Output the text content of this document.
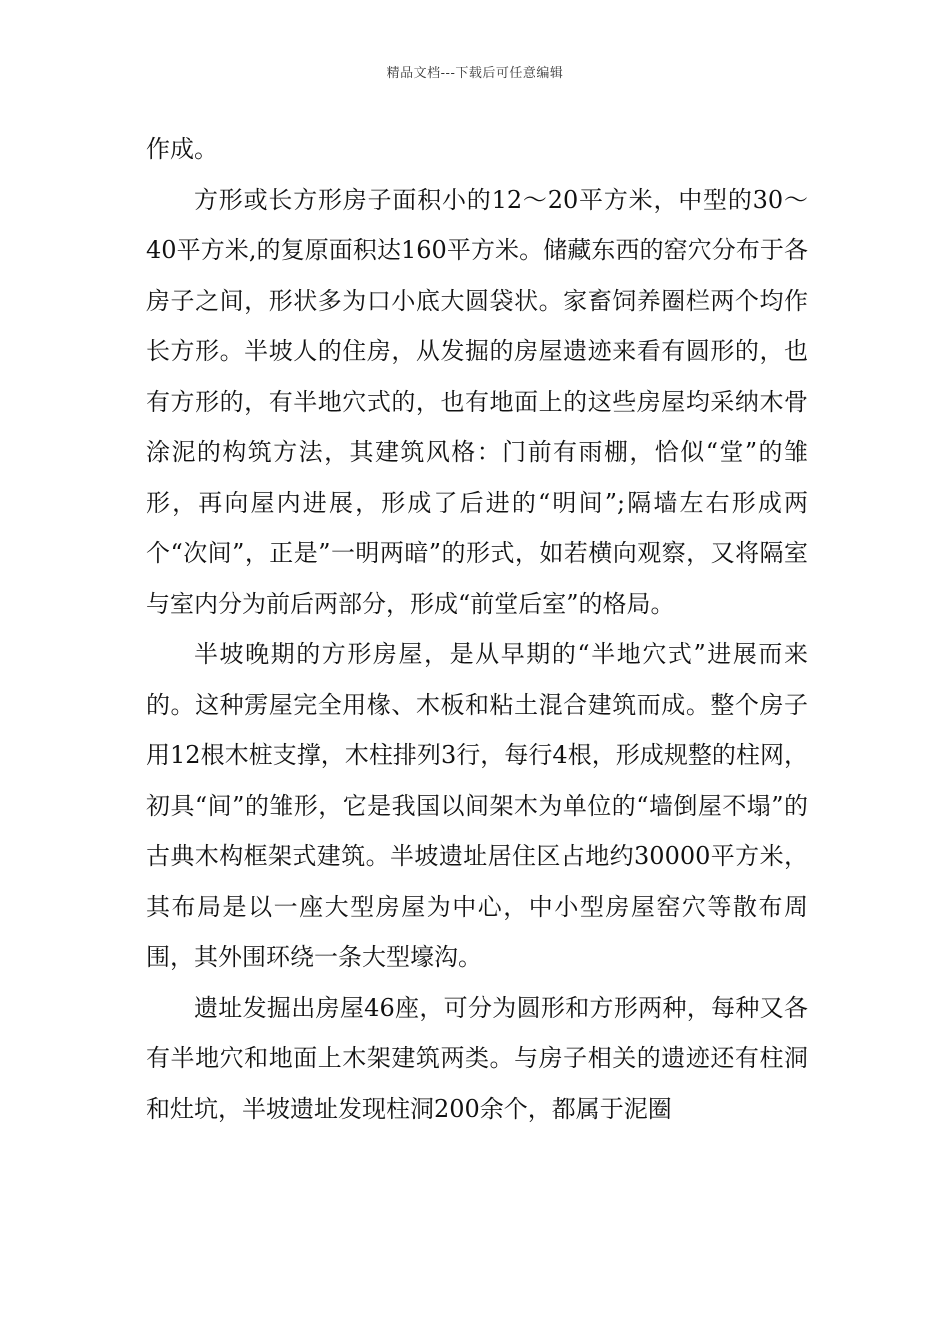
精品文档---下载后可任意编辑

作成。

方形或长方形房子面积小的12～20平方米，中型的30～40平方米,的复原面积达160平方米。储藏东西的窑穴分布于各房子之间，形状多为口小底大圆袋状。家畜饲养圈栏两个均作长方形。半坡人的住房，从发掘的房屋遗迹来看有圆形的，也有方形的，有半地穴式的，也有地面上的这些房屋均采纳木骨涂泥的构筑方法，其建筑风格：门前有雨棚，恰似“堂”的雏形，再向屋内进展，形成了后进的“明间”;隔墙左右形成两个“次间”，正是”一明两暗”的形式，如若横向观察，又将隔室与室内分为前后两部分，形成“前堂后室”的格局。

半坡晚期的方形房屋，是从早期的“半地穴式”进展而来的。这种雳屋完全用椽、木板和粘土混合建筑而成。整个房子用12根木桩支撑，木柱排列3行，每行4根，形成规整的柱网，初具“间”的雏形，它是我国以间架木为单位的“墙倒屋不塌”的古典木构框架式建筑。半坡遗址居住区占地约30000平方米，其布局是以一座大型房屋为中心，中小型房屋窑穴等散布周围，其外围环绕一条大型壕沟。

遗址发掘出房屋46座，可分为圆形和方形两种，每种又各有半地穴和地面上木架建筑两类。与房子相关的遗迹还有柱洞和灶坑，半坡遗址发现柱洞200余个，都属于泥圈
